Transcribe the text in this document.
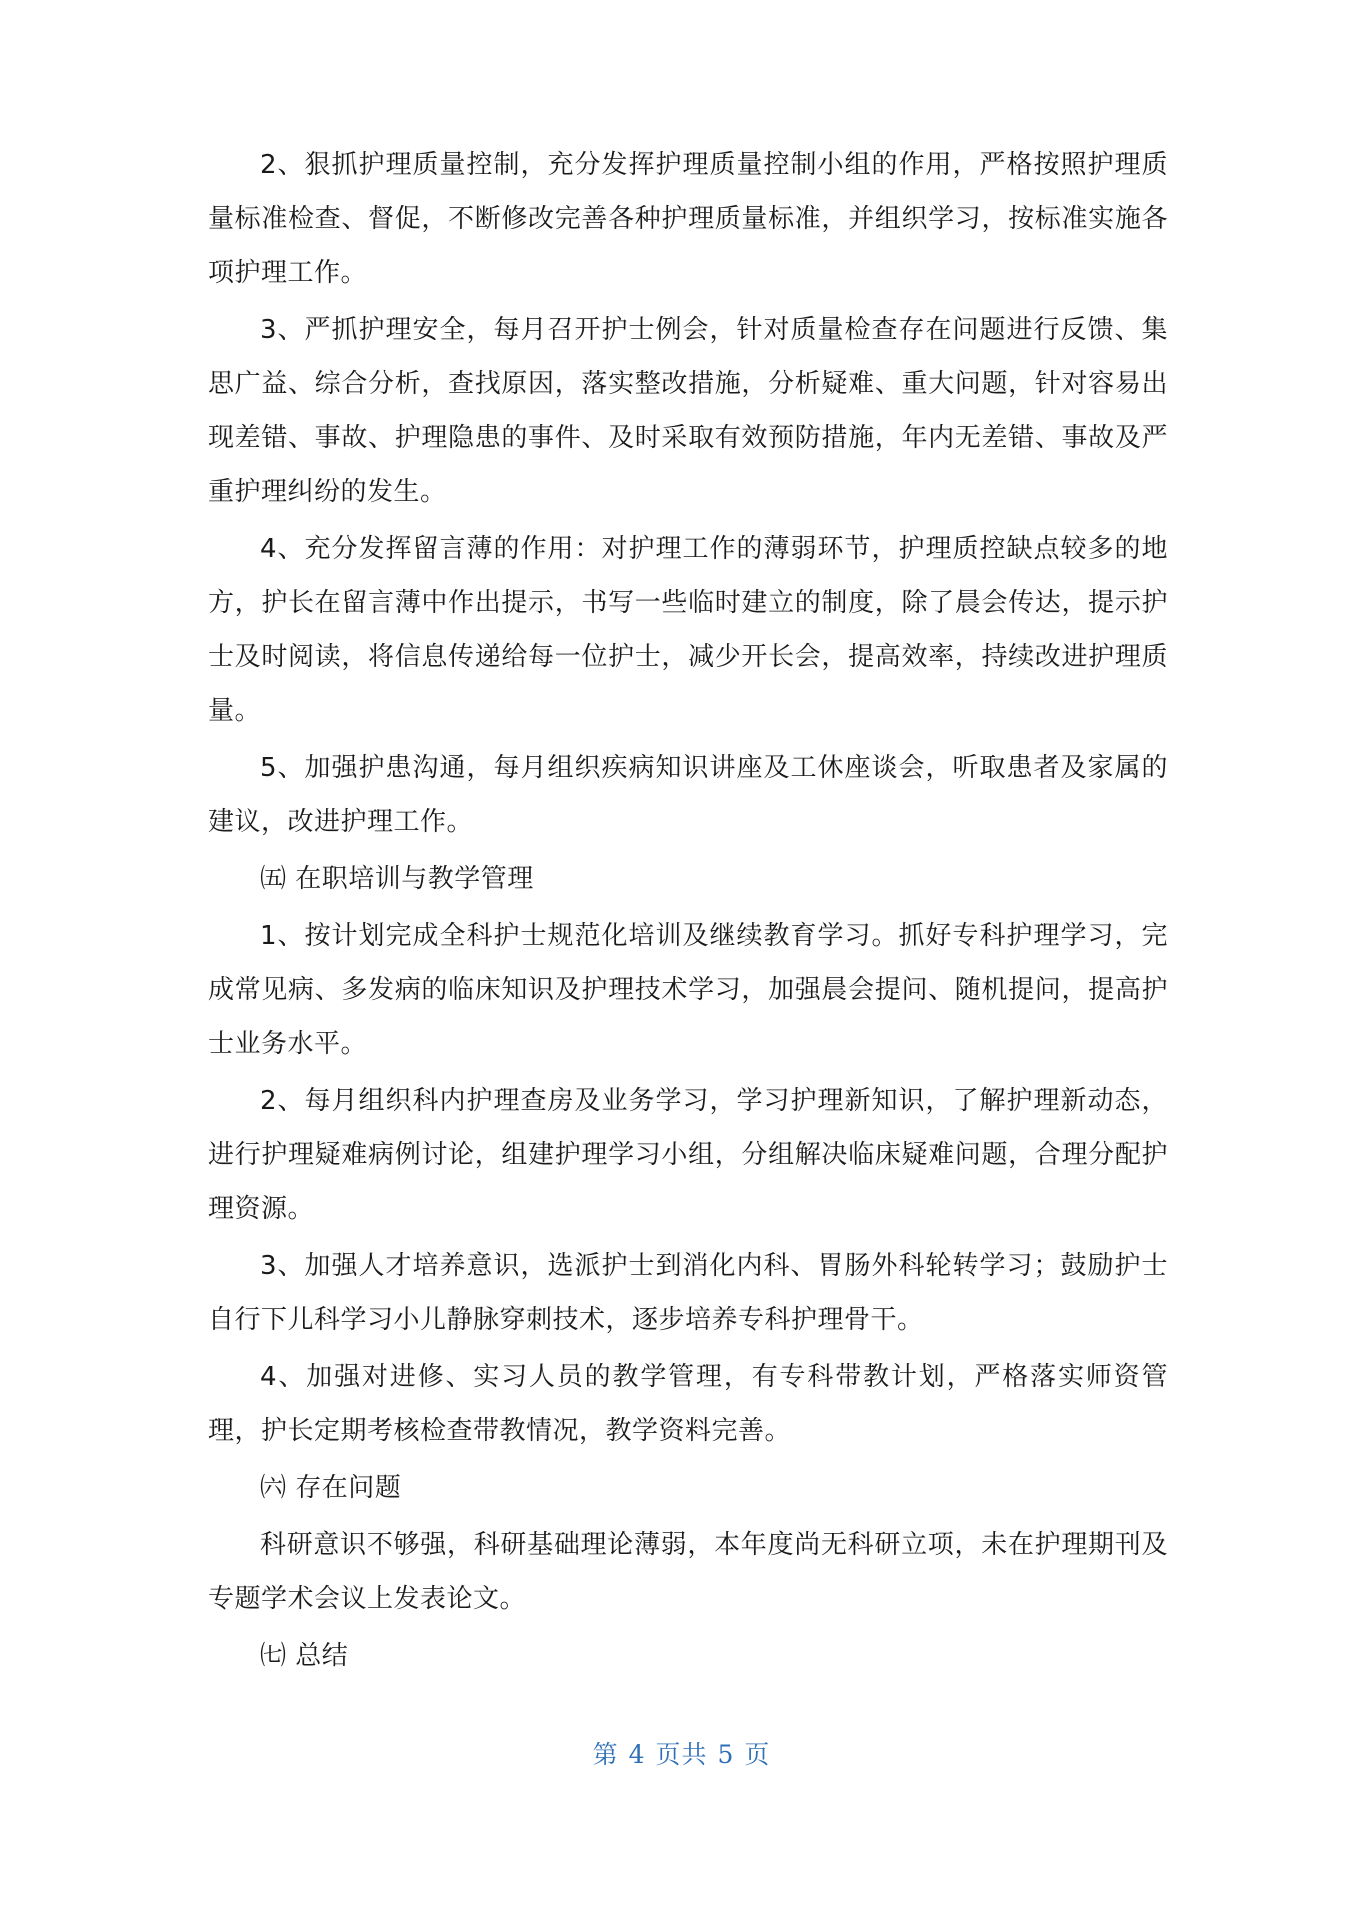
2、狠抓护理质量控制，充分发挥护理质量控制小组的作用，严格按照护理质量标准检查、督促，不断修改完善各种护理质量标准，并组织学习，按标准实施各项护理工作。

3、严抓护理安全，每月召开护士例会，针对质量检查存在问题进行反馈、集思广益、综合分析，查找原因，落实整改措施，分析疑难、重大问题，针对容易出现差错、事故、护理隐患的事件、及时采取有效预防措施，年内无差错、事故及严重护理纠纷的发生。

4、充分发挥留言薄的作用：对护理工作的薄弱环节，护理质控缺点较多的地方，护长在留言薄中作出提示，书写一些临时建立的制度，除了晨会传达，提示护士及时阅读，将信息传递给每一位护士，减少开长会，提高效率，持续改进护理质量。

5、加强护患沟通，每月组织疾病知识讲座及工休座谈会，听取患者及家属的建议，改进护理工作。

㈤ 在职培训与教学管理

1、按计划完成全科护士规范化培训及继续教育学习。抓好专科护理学习，完成常见病、多发病的临床知识及护理技术学习，加强晨会提问、随机提问，提高护士业务水平。

2、每月组织科内护理查房及业务学习，学习护理新知识，了解护理新动态，进行护理疑难病例讨论，组建护理学习小组，分组解决临床疑难问题，合理分配护理资源。

3、加强人才培养意识，选派护士到消化内科、胃肠外科轮转学习；鼓励护士自行下儿科学习小儿静脉穿刺技术，逐步培养专科护理骨干。

4、加强对进修、实习人员的教学管理，有专科带教计划，严格落实师资管理，护长定期考核检查带教情况，教学资料完善。

㈥ 存在问题

科研意识不够强，科研基础理论薄弱，本年度尚无科研立项，未在护理期刊及专题学术会议上发表论文。

㈦ 总结

第 4 页共 5 页
